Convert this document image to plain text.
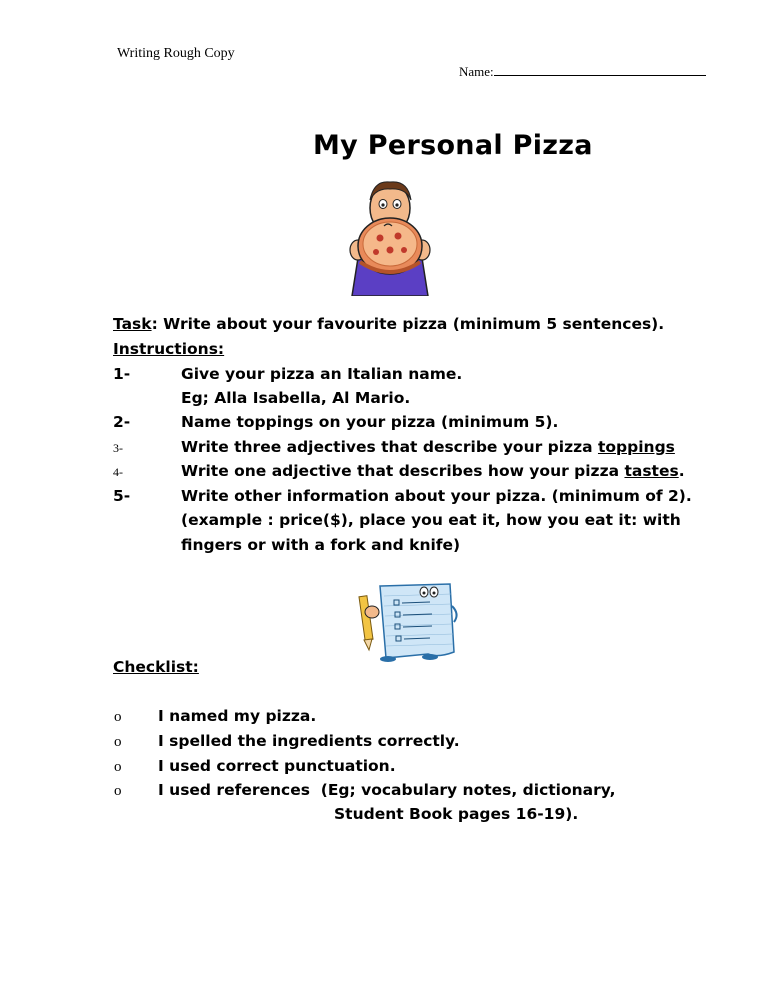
Writing Rough Copy
Name:
My Personal Pizza
Task: Write about your favourite pizza (minimum 5 sentences).
Instructions:
1-	Give your pizza an Italian name.
Eg; Alla Isabella, Al Mario.
2-	Name toppings on your pizza (minimum 5).
3-	Write three adjectives that describe your pizza toppings
4-	Write one adjective that describes how your pizza tastes.
5-	Write other information about your pizza. (minimum of 2).
(example : price($), place you eat it, how you eat it: with
fingers or with a fork and knife)
Checklist:
o I named my pizza.
o I spelled the ingredients correctly.
o I used correct punctuation.
o I used references  (Eg; vocabulary notes, dictionary,
Student Book pages 16-19).
